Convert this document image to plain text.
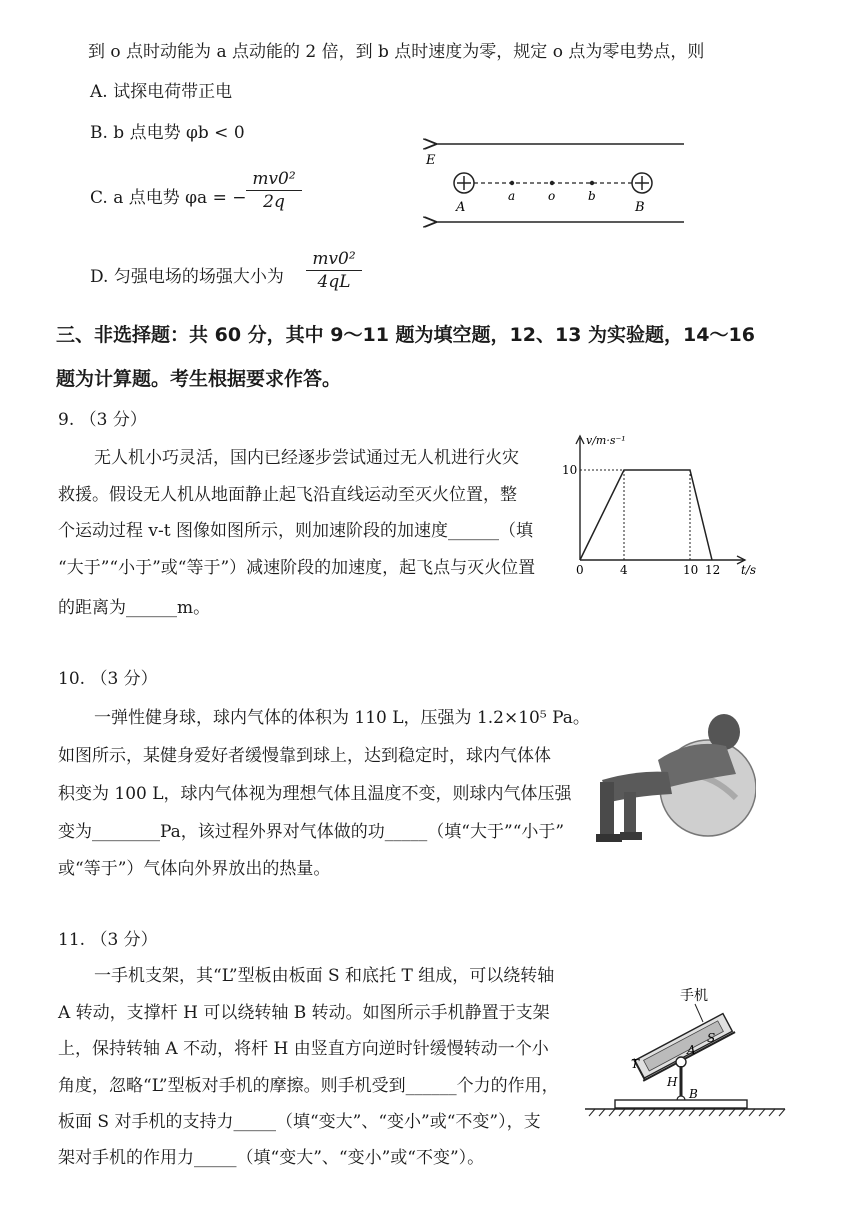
到 o 点时动能为 a 点动能的 2 倍，到 b 点时速度为零，规定 o 点为零电势点，则
A. 试探电荷带正电
B. b 点电势 φb < 0
C. a 点电势 φa = −
mv0²
2q
D. 匀强电场的场强大小为
mv0²
4qL
E
A
a	o	b
B
三、非选择题：共 60 分，其中 9～11 题为填空题，12、13 为实验题，14～16
题为计算题。考生根据要求作答。
9. （3 分）
无人机小巧灵活，国内已经逐步尝试通过无人机进行火灾
救援。假设无人机从地面静止起飞沿直线运动至灭火位置，整
个运动过程 v-t 图像如图所示，则加速阶段的加速度______（填
“大于”“小于”或“等于”）减速阶段的加速度，起飞点与灭火位置
的距离为______m。
0	4	10 12
10
v/m·s⁻¹
t/s
10. （3 分）
一弹性健身球，球内气体的体积为 110 L，压强为 1.2×10⁵ Pa。
如图所示，某健身爱好者缓慢靠到球上，达到稳定时，球内气体体
积变为 100 L，球内气体视为理想气体且温度不变，则球内气体压强
变为________Pa，该过程外界对气体做的功_____（填“大于”“小于”
或“等于”）气体向外界放出的热量。
11. （3 分）
一手机支架，其“L”型板由板面 S 和底托 T 组成，可以绕转轴
A 转动，支撑杆 H 可以绕转轴 B 转动。如图所示手机静置于支架
上，保持转轴 A 不动，将杆 H 由竖直方向逆时针缓慢转动一个小
角度，忽略“L”型板对手机的摩擦。则手机受到______个力的作用，
板面 S 对手机的支持力_____（填“变大”、“变小”或“不变”），支
架对手机的作用力_____（填“变大”、“变小”或“不变”）。
手机
S
T
A
H
B
